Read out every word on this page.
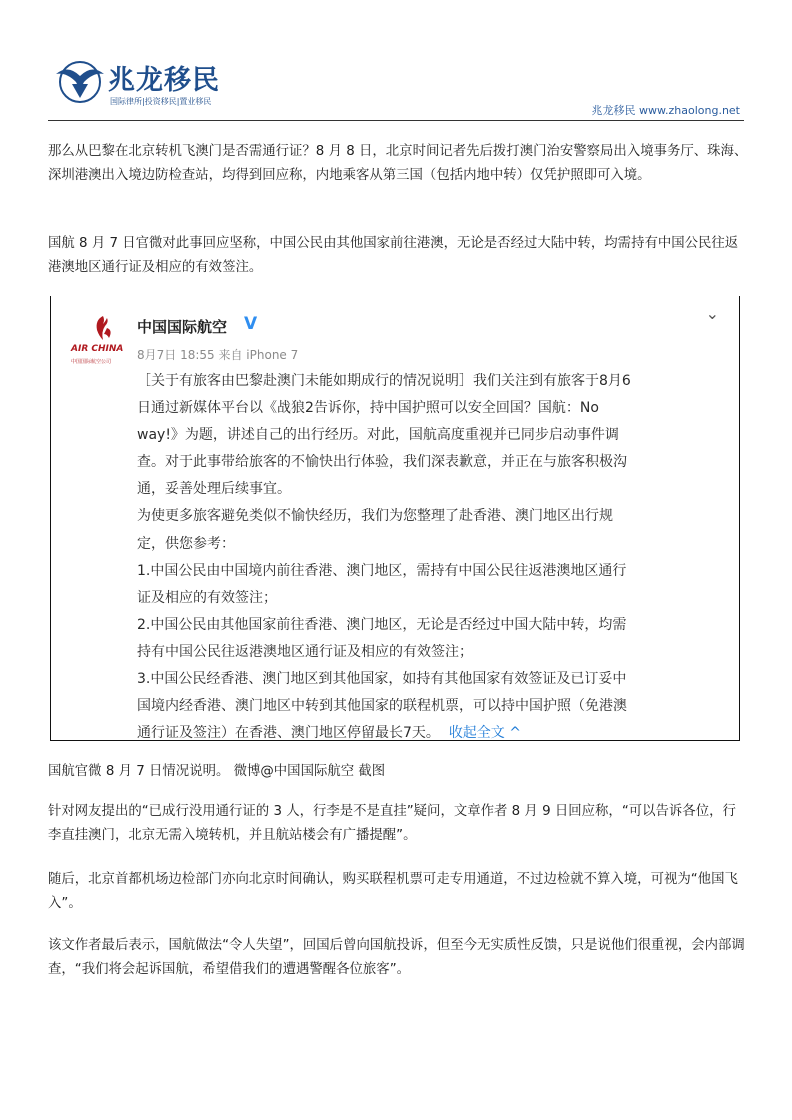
兆龙移民
国际律所|投资移民|置业移民
兆龙移民 www.zhaolong.net

那么从巴黎在北京转机飞澳门是否需通行证？8 月 8 日，北京时间记者先后拨打澳门治安警察局出入境事务厅、珠海、深圳港澳出入境边防检查站，均得到回应称，内地乘客从第三国（包括内地中转）仅凭护照即可入境。

国航 8 月 7 日官微对此事回应坚称，中国公民由其他国家前往港澳，无论是否经过大陆中转，均需持有中国公民往返港澳地区通行证及相应的有效签注。

AIR CHINA
中国国际航空公司
中国国际航空 V
⌄
8月7日 18:55 来自 iPhone 7
［关于有旅客由巴黎赴澳门未能如期成行的情况说明］我们关注到有旅客于8月6
日通过新媒体平台以《战狼2告诉你，持中国护照可以安全回国？国航：No
way!》为题，讲述自己的出行经历。对此，国航高度重视并已同步启动事件调
查。对于此事带给旅客的不愉快出行体验，我们深表歉意，并正在与旅客积极沟
通，妥善处理后续事宜。
为使更多旅客避免类似不愉快经历，我们为您整理了赴香港、澳门地区出行规
定，供您参考：
1.中国公民由中国境内前往香港、澳门地区，需持有中国公民往返港澳地区通行
证及相应的有效签注；
2.中国公民由其他国家前往香港、澳门地区，无论是否经过中国大陆中转，均需
持有中国公民往返港澳地区通行证及相应的有效签注；
3.中国公民经香港、澳门地区到其他国家，如持有其他国家有效签证及已订妥中
国境内经香港、澳门地区中转到其他国家的联程机票，可以持中国护照（免港澳
通行证及签注）在香港、澳门地区停留最长7天。 收起全文 ^
国航官微 8 月 7 日情况说明。 微博@中国国际航空 截图

针对网友提出的“已成行没用通行证的 3 人，行李是不是直挂”疑问，文章作者 8 月 9 日回应称，“可以告诉各位，行李直挂澳门，北京无需入境转机，并且航站楼会有广播提醒”。

随后，北京首都机场边检部门亦向北京时间确认，购买联程机票可走专用通道，不过边检就不算入境，可视为“他国飞入”。

该文作者最后表示，国航做法“令人失望”，回国后曾向国航投诉，但至今无实质性反馈，只是说他们很重视，会内部调查，“我们将会起诉国航，希望借我们的遭遇警醒各位旅客”。
